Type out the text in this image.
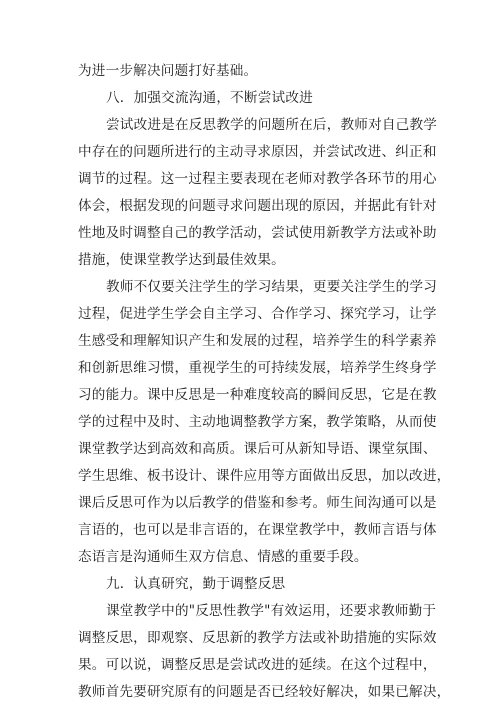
为进一步解决问题打好基础。
八．加强交流沟通，不断尝试改进
尝试改进是在反思教学的问题所在后，教师对自己教学
中存在的问题所进行的主动寻求原因，并尝试改进、纠正和
调节的过程。这一过程主要表现在老师对教学各环节的用心
体会，根据发现的问题寻求问题出现的原因，并据此有针对
性地及时调整自己的教学活动，尝试使用新教学方法或补助
措施，使课堂教学达到最佳效果。
教师不仅要关注学生的学习结果，更要关注学生的学习
过程，促进学生学会自主学习、合作学习、探究学习，让学
生感受和理解知识产生和发展的过程，培养学生的科学素养
和创新思维习惯，重视学生的可持续发展，培养学生终身学
习的能力。课中反思是一种难度较高的瞬间反思，它是在教
学的过程中及时、主动地调整教学方案，教学策略，从而使
课堂教学达到高效和高质。课后可从新知导语、课堂氛围、
学生思维、板书设计、课件应用等方面做出反思，加以改进，
课后反思可作为以后教学的借鉴和参考。师生间沟通可以是
言语的，也可以是非言语的，在课堂教学中，教师言语与体
态语言是沟通师生双方信息、情感的重要手段。
九．认真研究，勤于调整反思
课堂教学中的"反思性教学"有效运用，还要求教师勤于
调整反思，即观察、反思新的教学方法或补助措施的实际效
果。可以说，调整反思是尝试改进的延续。在这个过程中，
教师首先要研究原有的问题是否已经较好解决，如果已解决，
